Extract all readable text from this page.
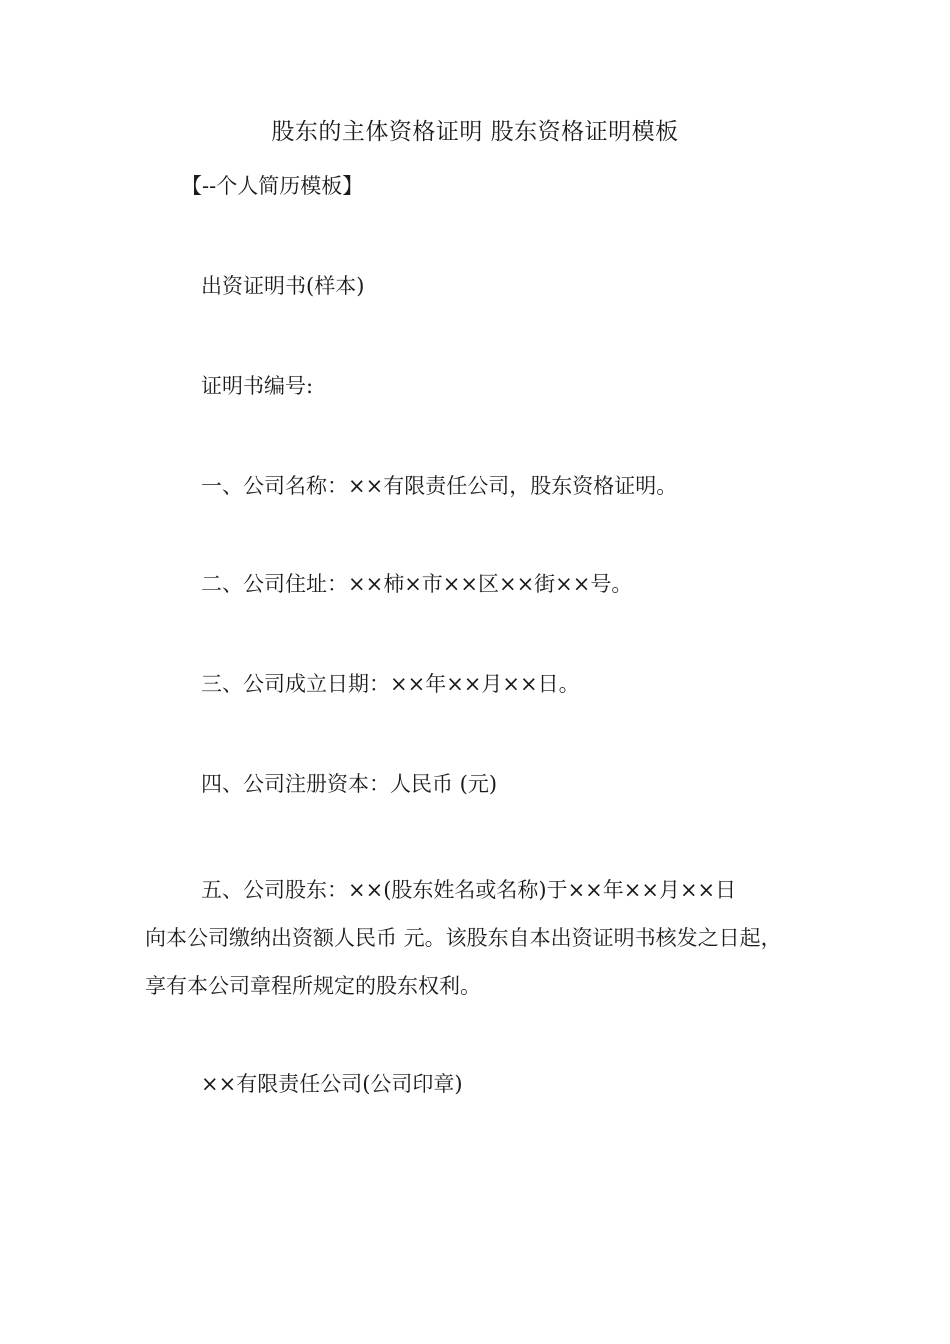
股东的主体资格证明 股东资格证明模板
【--个人简历模板】
出资证明书(样本)
证明书编号:
一、公司名称：××有限责任公司，股东资格证明。
二、公司住址：××柿×市××区××街××号。
三、公司成立日期：××年××月××日。
四、公司注册资本：人民币 (元)
五、公司股东：××(股东姓名或名称)于××年××月××日
向本公司缴纳出资额人民币 元。该股东自本出资证明书核发之日起，
享有本公司章程所规定的股东权利。
××有限责任公司(公司印章)
